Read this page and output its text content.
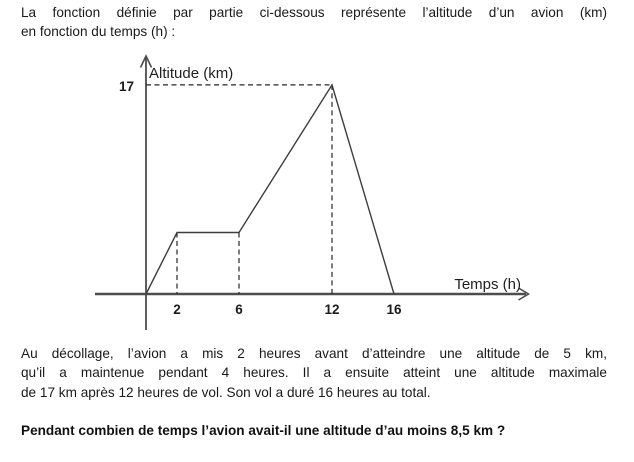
La fonction définie par partie ci-dessous représente l’altitude d’un avion (km)
en fonction du temps (h) :
Altitude (km)
Temps (h)
2	6	12	16
17
Au décollage, l’avion a mis 2 heures avant d’atteindre une altitude de 5 km,
qu’il a maintenue pendant 4 heures. Il a ensuite atteint une altitude maximale
de 17 km après 12 heures de vol. Son vol a duré 16 heures au total.
Pendant combien de temps l’avion avait-il une altitude d’au moins 8,5 km ?
